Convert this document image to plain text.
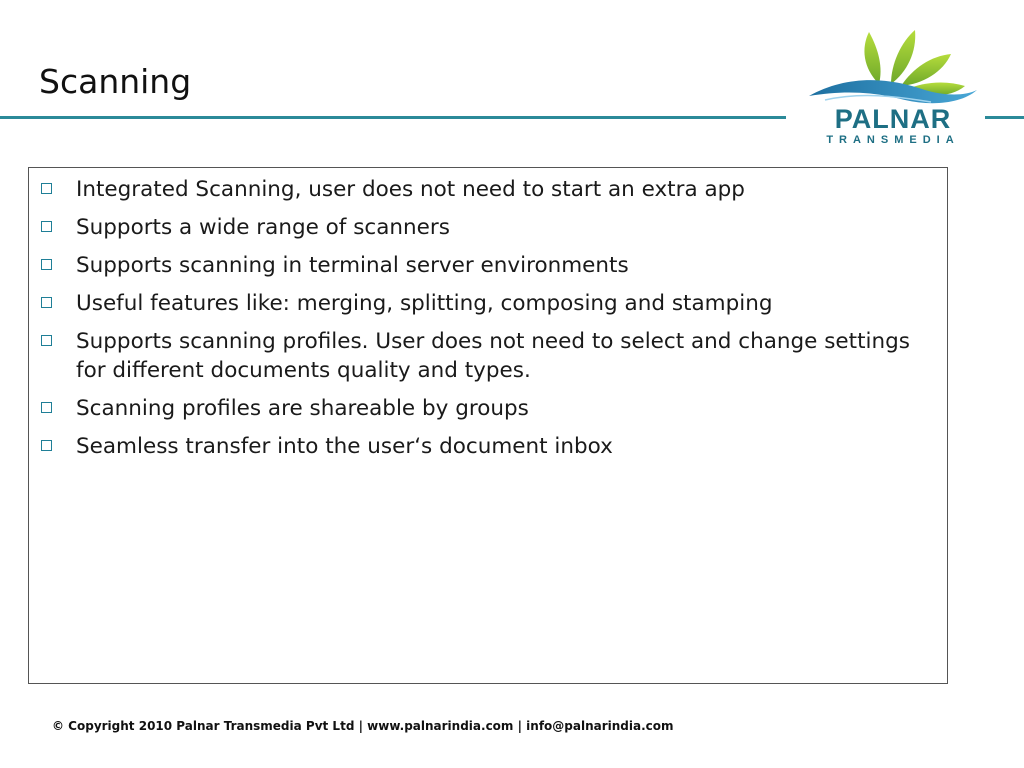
Scanning
PALNAR
TRANSMEDIA
Integrated Scanning, user does not need to start an extra app
Supports a wide range of scanners
Supports scanning in terminal server environments
Useful features like: merging, splitting, composing and stamping
Supports scanning profiles. User does not need to select and change settings for different documents quality and types.
Scanning profiles are shareable by groups
Seamless transfer into the user‘s document inbox
© Copyright 2010 Palnar Transmedia Pvt Ltd | www.palnarindia.com | info@palnarindia.com
